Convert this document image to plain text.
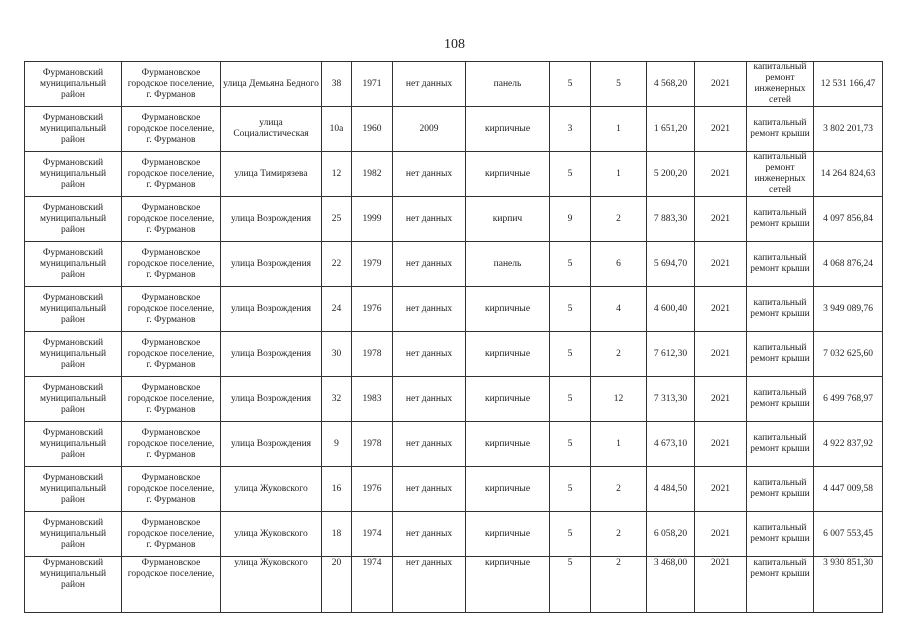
108
Фурмановский муниципальный район	Фурмановское городское поселение, г. Фурманов	улица Демьяна Бедного	38	1971	нет данных	панель	5	5	4 568,20	2021	капитальный ремонт инженерных сетей	12 531 166,47
Фурмановский муниципальный район	Фурмановское городское поселение, г. Фурманов	улица Социалистическая	10а	1960	2009	кирпичные	3	1	1 651,20	2021	капитальный ремонт крыши	3 802 201,73
Фурмановский муниципальный район	Фурмановское городское поселение, г. Фурманов	улица Тимирязева	12	1982	нет данных	кирпичные	5	1	5 200,20	2021	капитальный ремонт инженерных сетей	14 264 824,63
Фурмановский муниципальный район	Фурмановское городское поселение, г. Фурманов	улица Возрождения	25	1999	нет данных	кирпич	9	2	7 883,30	2021	капитальный ремонт крыши	4 097 856,84
Фурмановский муниципальный район	Фурмановское городское поселение, г. Фурманов	улица Возрождения	22	1979	нет данных	панель	5	6	5 694,70	2021	капитальный ремонт крыши	4 068 876,24
Фурмановский муниципальный район	Фурмановское городское поселение, г. Фурманов	улица Возрождения	24	1976	нет данных	кирпичные	5	4	4 600,40	2021	капитальный ремонт крыши	3 949 089,76
Фурмановский муниципальный район	Фурмановское городское поселение, г. Фурманов	улица Возрождения	30	1978	нет данных	кирпичные	5	2	7 612,30	2021	капитальный ремонт крыши	7 032 625,60
Фурмановский муниципальный район	Фурмановское городское поселение, г. Фурманов	улица Возрождения	32	1983	нет данных	кирпичные	5	12	7 313,30	2021	капитальный ремонт крыши	6 499 768,97
Фурмановский муниципальный район	Фурмановское городское поселение, г. Фурманов	улица Возрождения	9	1978	нет данных	кирпичные	5	1	4 673,10	2021	капитальный ремонт крыши	4 922 837,92
Фурмановский муниципальный район	Фурмановское городское поселение, г. Фурманов	улица Жуковского	16	1976	нет данных	кирпичные	5	2	4 484,50	2021	капитальный ремонт крыши	4 447 009,58
Фурмановский муниципальный район	Фурмановское городское поселение, г. Фурманов	улица Жуковского	18	1974	нет данных	кирпичные	5	2	6 058,20	2021	капитальный ремонт крыши	6 007 553,45
Фурмановский муниципальный район	Фурмановское городское поселение,	улица Жуковского	20	1974	нет данных	кирпичные	5	2	3 468,00	2021	капитальный ремонт крыши	3 930 851,30
